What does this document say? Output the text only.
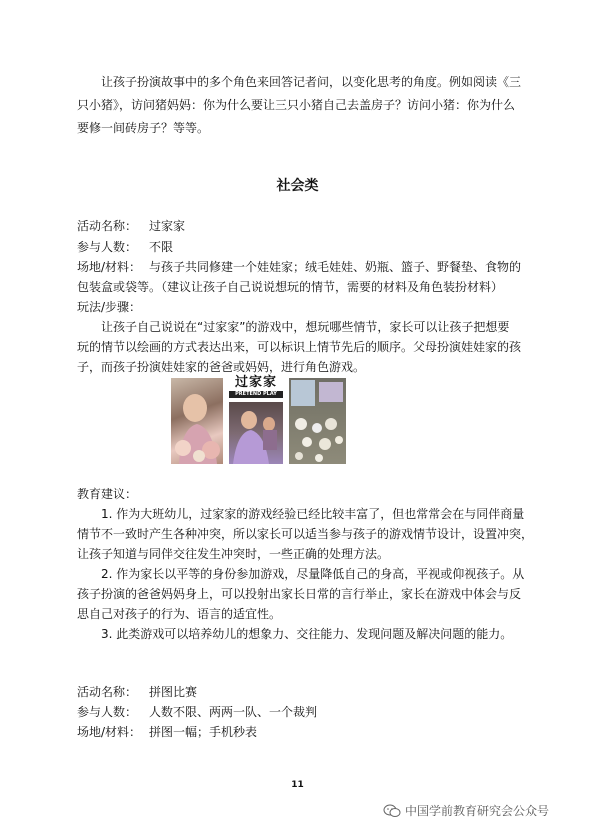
让孩子扮演故事中的多个角色来回答记者问，以变化思考的角度。例如阅读《三
只小猪》，访问猪妈妈：你为什么要让三只小猪自己去盖房子？访问小猪：你为什么
要修一间砖房子？等等。
社会类
活动名称： 过家家
参与人数： 不限
场地/材料： 与孩子共同修建一个娃娃家；绒毛娃娃、奶瓶、篮子、野餐垫、食物的
包装盒或袋等。（建议让孩子自己说说想玩的情节，需要的材料及角色装扮材料）
玩法/步骤：
让孩子自己说说在“过家家”的游戏中，想玩哪些情节，家长可以让孩子把想要
玩的情节以绘画的方式表达出来，可以标识上情节先后的顺序。父母扮演娃娃家的孩
子，而孩子扮演娃娃家的爸爸或妈妈，进行角色游戏。
过家家
PRETEND PLAY
教育建议：
1. 作为大班幼儿，过家家的游戏经验已经比较丰富了，但也常常会在与同伴商量
情节不一致时产生各种冲突，所以家长可以适当参与孩子的游戏情节设计，设置冲突，
让孩子知道与同伴交往发生冲突时，一些正确的处理方法。
2. 作为家长以平等的身份参加游戏，尽量降低自己的身高，平视或仰视孩子。从
孩子扮演的爸爸妈妈身上，可以投射出家长日常的言行举止，家长在游戏中体会与反
思自己对孩子的行为、语言的适宜性。
3. 此类游戏可以培养幼儿的想象力、交往能力、发现问题及解决问题的能力。
活动名称： 拼图比赛
参与人数： 人数不限、两两一队、一个裁判
场地/材料： 拼图一幅；手机秒表
11
中国学前教育研究会公众号
